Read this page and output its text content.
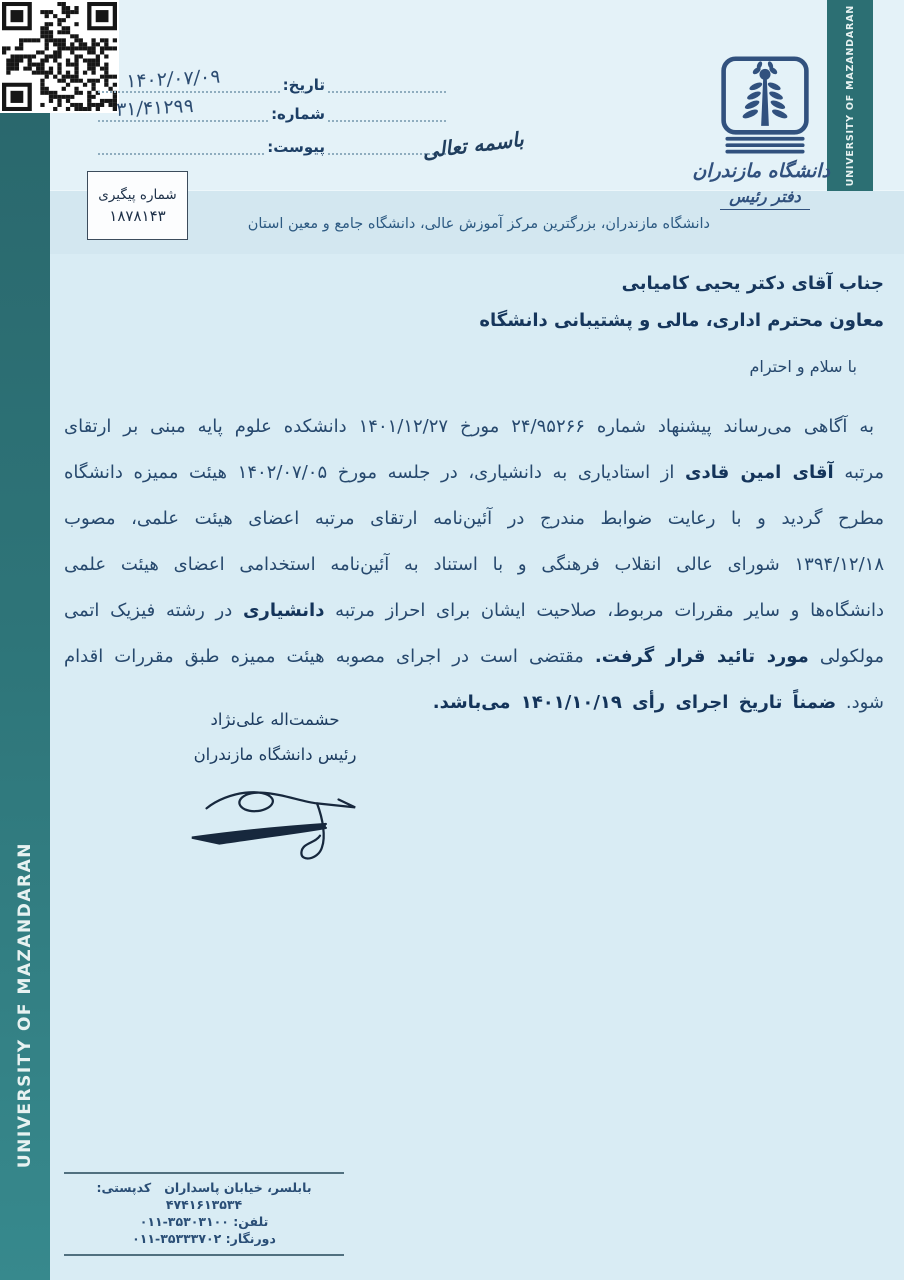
UNIVERSITY OF MAZANDARAN
UNIVERSITY OF MAZANDARAN
تاریخ:
۱۴۰۲/۰۷/۰۹
شماره:
۳۱/۴۱۲۹۹
پیوست:
شماره پیگیری
۱۸۷۸۱۴۳
باسمه تعالی
دانشگاه مازندران
دفتر رئیس
دانشگاه مازندران، بزرگترین مرکز آموزش عالی، دانشگاه جامع و معین استان
جناب آقای دکتر یحیی کامیابی
معاون محترم اداری، مالی و پشتیبانی دانشگاه
با سلام و احترام

به آگاهی می‌رساند پیشنهاد شماره ۲۴/۹۵۲۶۶ مورخ ۱۴۰۱/۱۲/۲۷ دانشکده علوم پایه مبنی بر ارتقای مرتبه آقای امین قادی از استادیاری به دانشیاری، در جلسه مورخ ۱۴۰۲/۰۷/۰۵ هیئت ممیزه دانشگاه مطرح گردید و با رعایت ضوابط مندرج در آئین‌نامه ارتقای مرتبه اعضای هیئت علمی، مصوب ۱۳۹۴/۱۲/۱۸ شورای عالی انقلاب فرهنگی و با استناد به آئین‌نامه استخدامی اعضای هیئت علمی دانشگاه‌ها و سایر مقررات مربوط، صلاحیت ایشان برای احراز مرتبه دانشیاری در رشته فیزیک اتمی مولکولی مورد تائید قرار گرفت. مقتضی است در اجرای مصوبه هیئت ممیزه طبق مقررات اقدام شود. ضمناً تاریخ اجرای رأی ۱۴۰۱/۱۰/۱۹ می‌باشد.

حشمت‌اله علی‌نژاد
رئیس دانشگاه مازندران
بابلسر، خیابان پاسداران   کدپستی: ۴۷۴۱۶۱۳۵۳۴
تلفن: ۰۱۱-۳۵۳۰۳۱۰۰
دورنگار: ۰۱۱-۳۵۳۳۳۷۰۲
